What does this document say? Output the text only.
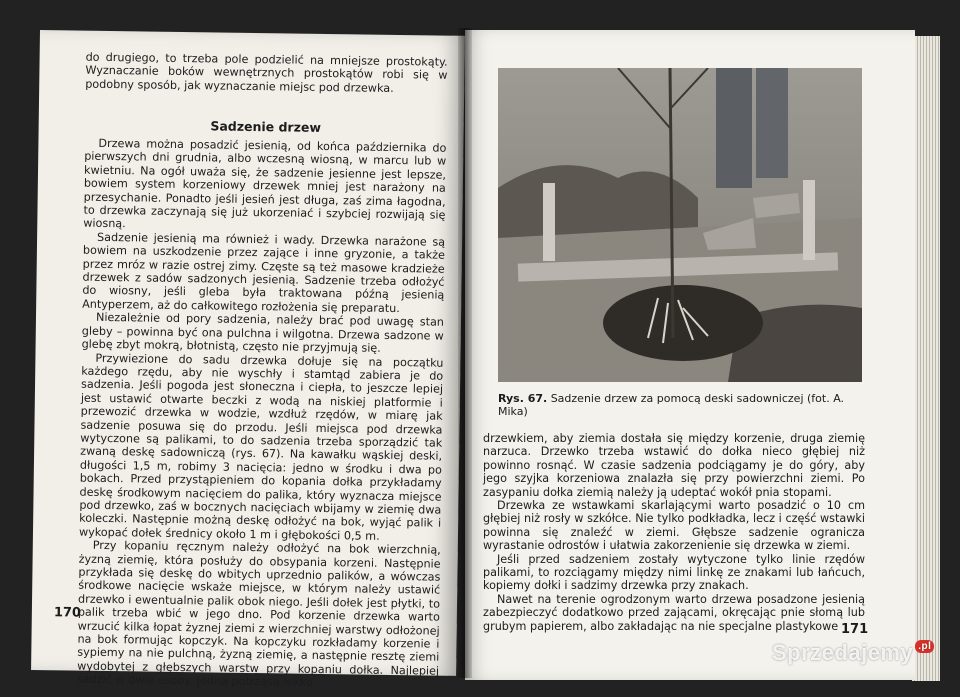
do drugiego, to trzeba pole podzielić na mniejsze prostokąty. Wyznaczanie boków wewnętrznych prostokątów robi się w podobny sposób, jak wyznaczanie miejsc pod drzewka.

Sadzenie drzew

Drzewa można posadzić jesienią, od końca października do pierwszych dni grudnia, albo wczesną wiosną, w marcu lub w kwietniu. Na ogół uważa się, że sadzenie jesienne jest lepsze, bowiem system korzeniowy drzewek mniej jest narażony na przesychanie. Ponadto jeśli jesień jest długa, zaś zima łagodna, to drzewka zaczynają się już ukorzeniać i szybciej rozwijają się wiosną.

Sadzenie jesienią ma również i wady. Drzewka narażone są bowiem na uszkodzenie przez zające i inne gryzonie, a także przez mróz w razie ostrej zimy. Częste są też masowe kradzieże drzewek z sadów sadzonych jesienią. Sadzenie trzeba odłożyć do wiosny, jeśli gleba była traktowana późną jesienią Antyperzem, aż do całkowitego rozłożenia się preparatu.

Niezależnie od pory sadzenia, należy brać pod uwagę stan gleby – powinna być ona pulchna i wilgotna. Drzewa sadzone w glebę zbyt mokrą, błotnistą, często nie przyjmują się.

Przywiezione do sadu drzewka dołuje się na początku każdego rzędu, aby nie wyschły i stamtąd zabiera je do sadzenia. Jeśli pogoda jest słoneczna i ciepła, to jeszcze lepiej jest ustawić otwarte beczki z wodą na niskiej platformie i przewozić drzewka w wodzie, wzdłuż rzędów, w miarę jak sadzenie posuwa się do przodu. Jeśli miejsca pod drzewka wytyczone są palikami, to do sadzenia trzeba sporządzić tak zwaną deskę sadowniczą (rys. 67). Na kawałku wąskiej deski, długości 1,5 m, robimy 3 nacięcia: jedno w środku i dwa po bokach. Przed przystąpieniem do kopania dołka przykładamy deskę środkowym nacięciem do palika, który wyznacza miejsce pod drzewko, zaś w bocznych nacięciach wbijamy w ziemię dwa koleczki. Następnie możną deskę odłożyć na bok, wyjąć palik i wykopać dołek średnicy około 1 m i głębokości 0,5 m.

Przy kopaniu ręcznym należy odłożyć na bok wierzchnią, żyzną ziemię, która posłuży do obsypania korzeni. Następnie przykłada się deskę do wbitych uprzednio palików, a wówczas środkowe nacięcie wskaże miejsce, w którym należy ustawić drzewko i ewentualnie palik obok niego. Jeśli dołek jest płytki, to palik trzeba wbić w jego dno. Pod korzenie drzewka warto wrzucić kilka łopat żyznej ziemi z wierzchniej warstwy odłożonej na bok formując kopczyk. Na kopczyku rozkładamy korzenie i sypiemy na nie pulchną, żyzną ziemię, a następnie resztę ziemi wydobytej z głębszych warstw przy kopaniu dołka. Najlepiej sadzić w dwie osoby. Jedna potrząsa lekko

170
Rys. 67. Sadzenie drzew za pomocą deski sadowniczej (fot. A. Mika)

drzewkiem, aby ziemia dostała się między korzenie, druga ziemię narzuca. Drzewko trzeba wstawić do dołka nieco głębiej niż powinno rosnąć. W czasie sadzenia podciągamy je do góry, aby jego szyjka korzeniowa znalazła się przy powierzchni ziemi. Po zasypaniu dołka ziemią należy ją udeptać wokół pnia stopami.

Drzewka ze wstawkami skarlającymi warto posadzić o 10 cm głębiej niż rosły w szkółce. Nie tylko podkładka, lecz i część wstawki powinna się znaleźć w ziemi. Głębsze sadzenie ogranicza wyrastanie odrostów i ułatwia zakorzenienie się drzewka w ziemi.

Jeśli przed sadzeniem zostały wytyczone tylko linie rzędów palikami, to rozciągamy między nimi linkę ze znakami lub łańcuch, kopiemy dołki i sadzimy drzewka przy znakach.

Nawet na terenie ogrodzonym warto drzewa posadzone jesienią zabezpieczyć dodatkowo przed zającami, okręcając pnie słomą lub grubym papierem, albo zakładając na nie specjalne plastykowe 171
Sprzedajemy .pl
